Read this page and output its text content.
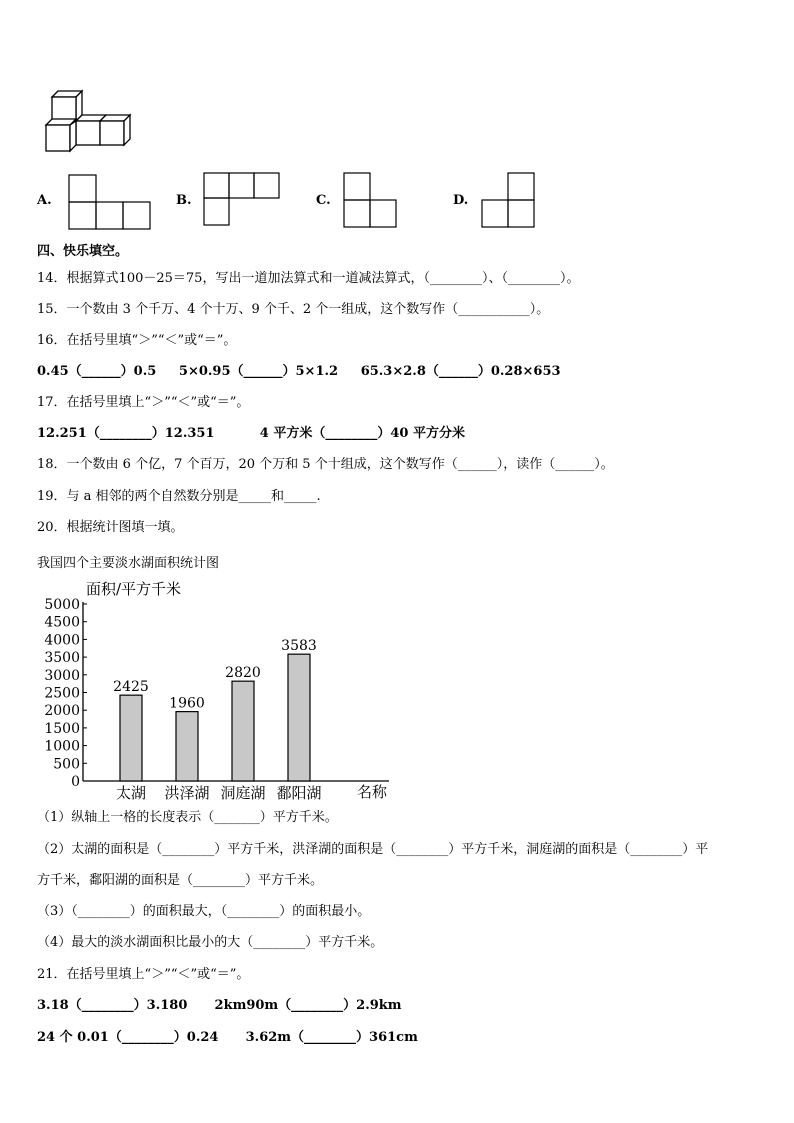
A.	B.	C.	D.
四、快乐填空。
14．根据算式100－25＝75，写出一道加法算式和一道减法算式，（________）、（________）。
15．一个数由 3 个千万、4 个十万、9 个千、2 个一组成，这个数写作（___________）。
16．在括号里填“＞”“＜”或“＝”。
0.45（______）0.5     5×0.95（______）5×1.2     65.3×2.8（______）0.28×653
17．在括号里填上“＞”“＜”或“＝”。
12.251（________）12.351          4 平方米（________）40 平方分米
18．一个数由 6 个亿，7 个百万，20 个万和 5 个十组成，这个数写作（______），读作（______）。
19．与 a 相邻的两个自然数分别是_____和_____.
20．根据统计图填一填。
我国四个主要淡水湖面积统计图
面积/平方千米
名称
0
500
1000
1500
2000
2500
3000
3500
4000
4500
5000
2425
太湖
1960
洪泽湖
2820
洞庭湖
3583
鄱阳湖
（1）纵轴上一格的长度表示（_______）平方千米。
（2）太湖的面积是（________）平方千米，洪泽湖的面积是（________）平方千米，洞庭湖的面积是（________）平
方千米，鄱阳湖的面积是（________）平方千米。
（3）（________）的面积最大，（________）的面积最小。
（4）最大的淡水湖面积比最小的大（________）平方千米。
21．在括号里填上“＞”“＜”或“＝”。
3.18（________）3.180      2km90m（________）2.9km
24 个 0.01（________）0.24      3.62m（________）361cm
